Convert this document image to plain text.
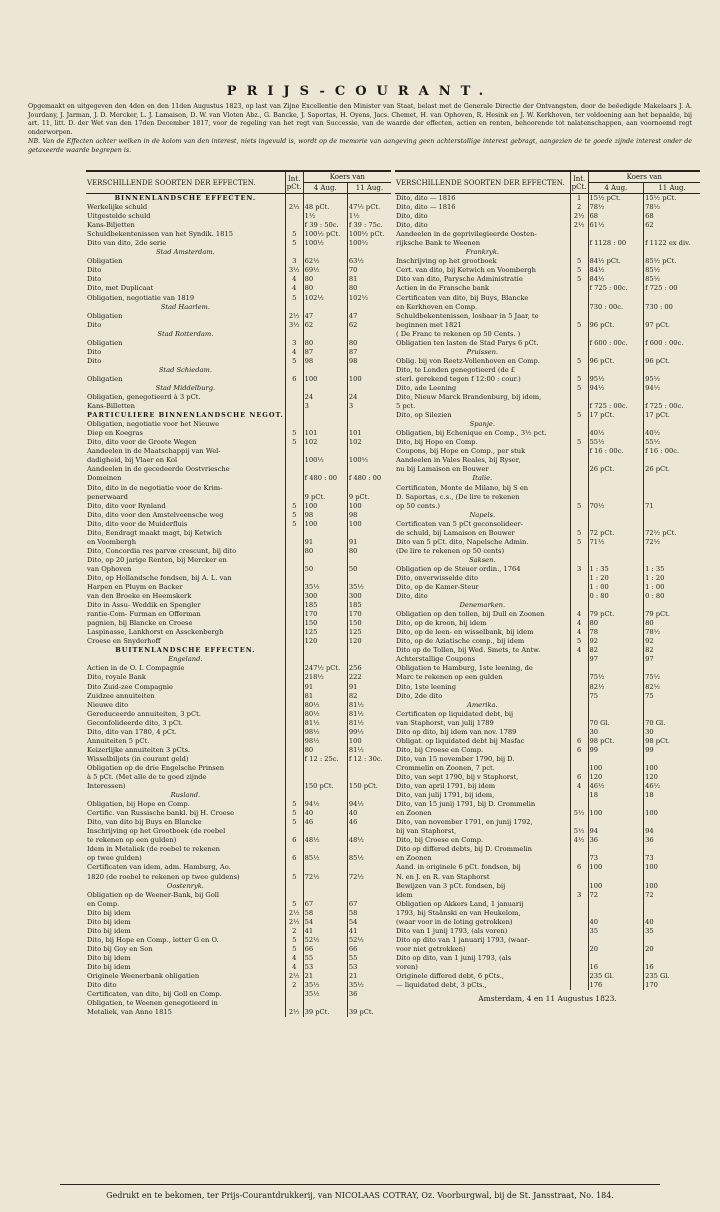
PRIJS-COURANT.
Opgemaakt en uitgegeven den 4den en den 11den Augustus 1823, op last van Zijne Excellentie den Minister van Staat, belast met de Generale Directie der Ontvangsten, door de beëedigde Makelaars J. A. Jourdany, J. Jarman, J. D. Mercker, L. J. Lamaison, D. W. van Vloten Abz., G. Bancke, J. Saportas, H. Oyens, Jacs. Chemet, H. van Ophoven, R. Hesink en J. W. Kerkhoven, ter voldoening aan het bepaalde, bij art. 11, litt. D. der Wet van den 17den December 1817, voor de regeling van het regt van Successie, van de waarde der effecten, actien en renten, behoorende tot nalatenschappen, aan voornoemd regt onderworpen.
NB. Van de Effecten achter welken in de kolom van den interest, niets ingevuld is, wordt op de memorie van aangeving geen achterstallige interest gebragt, aangezien de te goede zijnde interest onder de getaxeerde waarde begrepen is.
VERSCHILLENDE SOORTEN DER EFFECTEN.	Int. pCt.	Koers van	
		4 Aug.	11 Aug.
BINNENLANDSCHE EFFECTEN.			
Werkelijke schuld	2½	48 pCt.	47½ pCt.
Uitgestelde schuld		1½	1½
Kans-Biljetten		f 39 : 50c.	f 39 : 75c.
Schuldbekentenissen van het Syndik. 1815	5	100½ pCt.	100½ pCt.
Dito van dito, 2de serie	5	100½	100½
Stad Amsterdam.			
Obligatien	3	62½	63½
Dito	3½	69½	70
Dito	4	80	81
Dito, met Duplicaat	4	80	80
Obligatien, negotiatie van 1819	5	102½	102½
Stad Haarlem.			
Obligatien	2½	47	47
Dito	3½	62	62
Stad Rotterdam.			
Obligatien	3	80	80
Dito	4	87	87
Dito	5	98	98
Stad Schiedam.			
Obligatien	6	100	100
Stad Middelburg.			
Obligatien, genegotieerd à 3 pCt.		24	24
Kans-Billetten		3	3
PARTICULIERE BINNENLANDSCHE NEGOT.			
Obligatien, negotiatie voor het Nieuwe			
Diep en Koegras	5	101	101
Dito, dito voor de Groote Wegen	5	102	102
Aandeelen in de Maatschappij van Wel-			
dadigheid, bij Vlaer en Kol		100½	100½
Aandeelen in de gecedeerde Oostvriesche			
Domeinen		f 480 : 00	f 480 : 00
Dito, dito in de negotiatie voor de Krim-			
penerwaard		9 pCt.	9 pCt.
Dito, dito voor Rynland	5	100	100
Dito, dito voor den Amstelveensche weg	5	98	98
Dito, dito voor de Muiderfluis	5	100	100
Dito, Eendragt maakt magt, bij Ketwich			
en Voombergh		91	91
Dito, Concordia res parvæ crescunt, bij dito		80	80
Dito, op 20 jarige Renten, bij Mercker en			
van Ophoven		50	50
Dito, op Hollandsche fondsen, bij A. L. van			
Harpen en Pluym en Backer		35½	35½
van den Broeke en Heemskerk		300	300
Dito in Assu- Weddik en Spengler		185	185
rantie-Com- Furman en Offerman		170	170
pagnien, bij Blancke en Croese		150	150
Laspinasse, Lankhorst en Assckenbergh		125	125
Croese en Snyderhoff		120	120
BUITENLANDSCHE EFFECTEN.			
Engeland.			
Actien in de O. I. Compagnie		247½ pCt.	256
Dito, royale Bank		218½	222
Dito Zuid-zee Compagnie		91	91
Zuidzee annuiteiten		81	82
Nieuwe dito		80½	81½
Gereduceerde annuiteiten, 3 pCt.		80½	81½
Geconfolideerde dito, 3 pCt.		81½	81½
Dito, dito van 1780, 4 pCt.		98½	99½
Annuiteiten 5 pCt.		98½	100
Keizerlijke annuiteiten 3 pCts.		80	81½
Wisselbiljets (in courant geld)		f 12 : 25c.	f 12 : 30c.
Obligatien op de drie Engelsche Prinsen			
à 5 pCt. (Met alle de te goed zijnde			
Interessen)		150 pCt.	150 pCt.
Rusland.			
Obligatien, bij Hope en Comp.	5	94½	94½
Certific. van Russische bankl. bij H. Croese	5	40	40
Dito, van dito bij Buys en Blancke	5	46	46
Inschrijving op het Grootboek (de roebel			
te rekenen op een gulden)	6	48½	48½
Idem in Metaliek (de roebel te rekenen			
op twee gulden)	6	85½	85½
Certificaten van idem, adm. Hamburg, Ao.			
1820 (de roebel te rekenen op twee guldens)	5	72½	72½
Oostenryk.			
Obligatien op de Weener-Bank, bij Goll			
en Comp.	5	67	67
Dito bij idem	2½	58	58
Dito bij idem	2½	54	54
Dito bij idem	2	41	41
Dito, bij Hope en Comp., letter G en O.	5	52½	52½
Dito bij Goy en Son	5	66	66
Dito bij idem	4	55	55
Dito bij idem	4	53	53
Originele Weenerbank obligatien	2½	21	21
Dito dito	2	35½	35½
Certificaten, van dito, bij Goll en Comp.		35½	36
Obligatien, te Weenen genegotieerd in			
Metaliek, van Anno 1815	2½	39 pCt.	39 pCt.
VERSCHILLENDE SOORTEN DER EFFECTEN.	Int. pCt.	Koers van	
		4 Aug.	11 Aug.
Dito, dito — 1816	1	15½ pCt.	15½ pCt.
Dito, dito — 1816	2	78½	78½
Dito, dito	2½	68	68
Dito, dito	2½	61½	62
Aandeelen in de geprivilegieerde Oosten-			
rijksche Bank te Weenen		f 1128 : 00	f 1122 ex div.
Frankryk.			
Inschrijving op het grootboek	5	84½ pCt.	85½ pCt.
Cert. van dito, bij Ketwich en Voombergh	5	84½	85½
Dito van dito, Parysche Administratie	5	84½	85½
Actien in de Fransche bank		f 725 : 00c.	f 725 : 00
Certificaten van dito, bij Buys, Blancke			
en Kerkhoven en Comp.		730 : 00c.	730 : 00
Schuldbekentenissen, losbaar in 5 Jaar, te			
beginnen met 1821	5	96 pCt.	97 pCt.
( De Franc te rekenen op 50 Cents. )			
Obligatien ten lasten de Stad Parys 6 pCt.		f 600 : 00c.	f 600 : 00c.
Pruissen.			
Oblig. bij von Reetz-Vollenhoven en Comp.	5	96 pCt.	96 pCt.
Dito, te Londen genegotieerd (de £			
sterl. gerekend tegen f 12:00 : cour.)	5	95½	95½
Dito, ade Leening	5	94½	94½
Dito, Nieuw Marck Brandenburg, bij idem,			
5 pct.		f 725 : 00c.	f 725 : 00c.
Dito, op Silezien	5	17 pCt.	17 pCt.
Spanje.			
Obligatien, bij Echenique en Comp., 3½ pct.		40½	40½
Dito, bij Hope en Comp.	5	55½	55½
Coupons, bij Hope en Comp., per stuk		f 16 : 00c.	f 16 : 00c.
Aandeelen in Vales Reales, bij Ryser,			
nu bij Lamaison en Bouwer		26 pCt.	26 pCt.
Italie.			
Certificaten, Monte de Milano, bij S en			
D. Saportas, c.s., (De lire te rekenen			
op 50 cents.)	5	70½	71
Napels.			
Certificaten van 5 pCt geconsolideer-			
de schuld, bij Lamaison en Bouwer	5	72 pCt.	72½ pCt.
Dito van 5 pCt. dito, Napelsche Admin.	5	71½	72½
(De lire te rekenen op 50 cents)			
Saksen.			
Obligatien op de Steuer ordin., 1764	3	1 : 35	1 : 35
Dito, onverwisselde dito		1 : 20	1 : 20
Dito, op de Kamer-Steur		1 : 00	1 : 00
Dito, dito		0 : 80	0 : 80
Denemarken.			
Obligatien op den tollen, bij Dull en Zoonen	4	79 pCt.	79 pCt.
Dito, op de kroon, bij idem	4	80	80
Dito, op de leen- en wisselbank, bij idem	4	78	78½
Dito, op de Aziatische comp., bij idem	5	92	92
Dito op de Tollen, bij Wed. Smets, te Antw.	4	82	82
Achterstallige Coupons		97	97
Obligatien te Hamburg, 1ste leening, de			
Marc te rekenen op een gulden		75½	75½
Dito, 1ste leening		82½	82½
Dito, 2de dito		75	75
Amerika.			
Certificaten op liquidated debt, bij			
van Staphorst, van julij 1789		70 Gl.	70 Gl.
Dito op dito, bij idem van nov. 1789		30	30
Obligat. op liquidated debt bij Masfac	6	98 pCt.	98 pCt.
Dito, bij Croese en Comp.	6	99	99
Dito, van 15 november 1790, bij D.			
Crommelin en Zoonen, 7 pct.		100	100
Dito, van sept 1790, bij v Staphorst,	6	120	120
Dito, van april 1791, bij idem	4	46½	46½
Dito, van julij 1791, bij idem,		18	18
Dito, van 15 junij 1791, bij D. Crommelin			
en Zoonen	5½	100	100
Dito, van november 1791, en junij 1792,			
bij van Staphorst,	5½	94	94
Dito, bij Croese en Comp.	4½	36	36
Dito op differed debts, bij D. Crommelin			
en Zoonen		73	73
Aand. in originele 6 pCt. fondsen, bij	6	100	100
N. en J. en R. van Staphorst			
Bewijzen van 3 pCt. fondsen, bij		100	100
idem	3	72	72
Obligatien op Akkers Land, 1 januarij			
1793, bij Staänski en van Heukelom,			
(waar voor in de loting getrokken)		40	40
Dito van 1 junij 1793, (als voren)		35	35
Dito op dito van 1 januarij 1793, (waar-			
voor niet getrokken)		20	20
Dito op dito, van 1 junij 1793, (als			
voren)		16	16
Originele differed debt, 6 pCts.,		235 Gl.	235 Gl.
— liquidated debt, 3 pCts.,		176	170
Amsterdam, 4 en 11 Augustus 1823.
Gedrukt en te bekomen, ter Prijs-Courantdrukkerij, van NICOLAAS COTRAY, Oz. Voorburgwal, bij de St. Jansstraat, No. 184.
